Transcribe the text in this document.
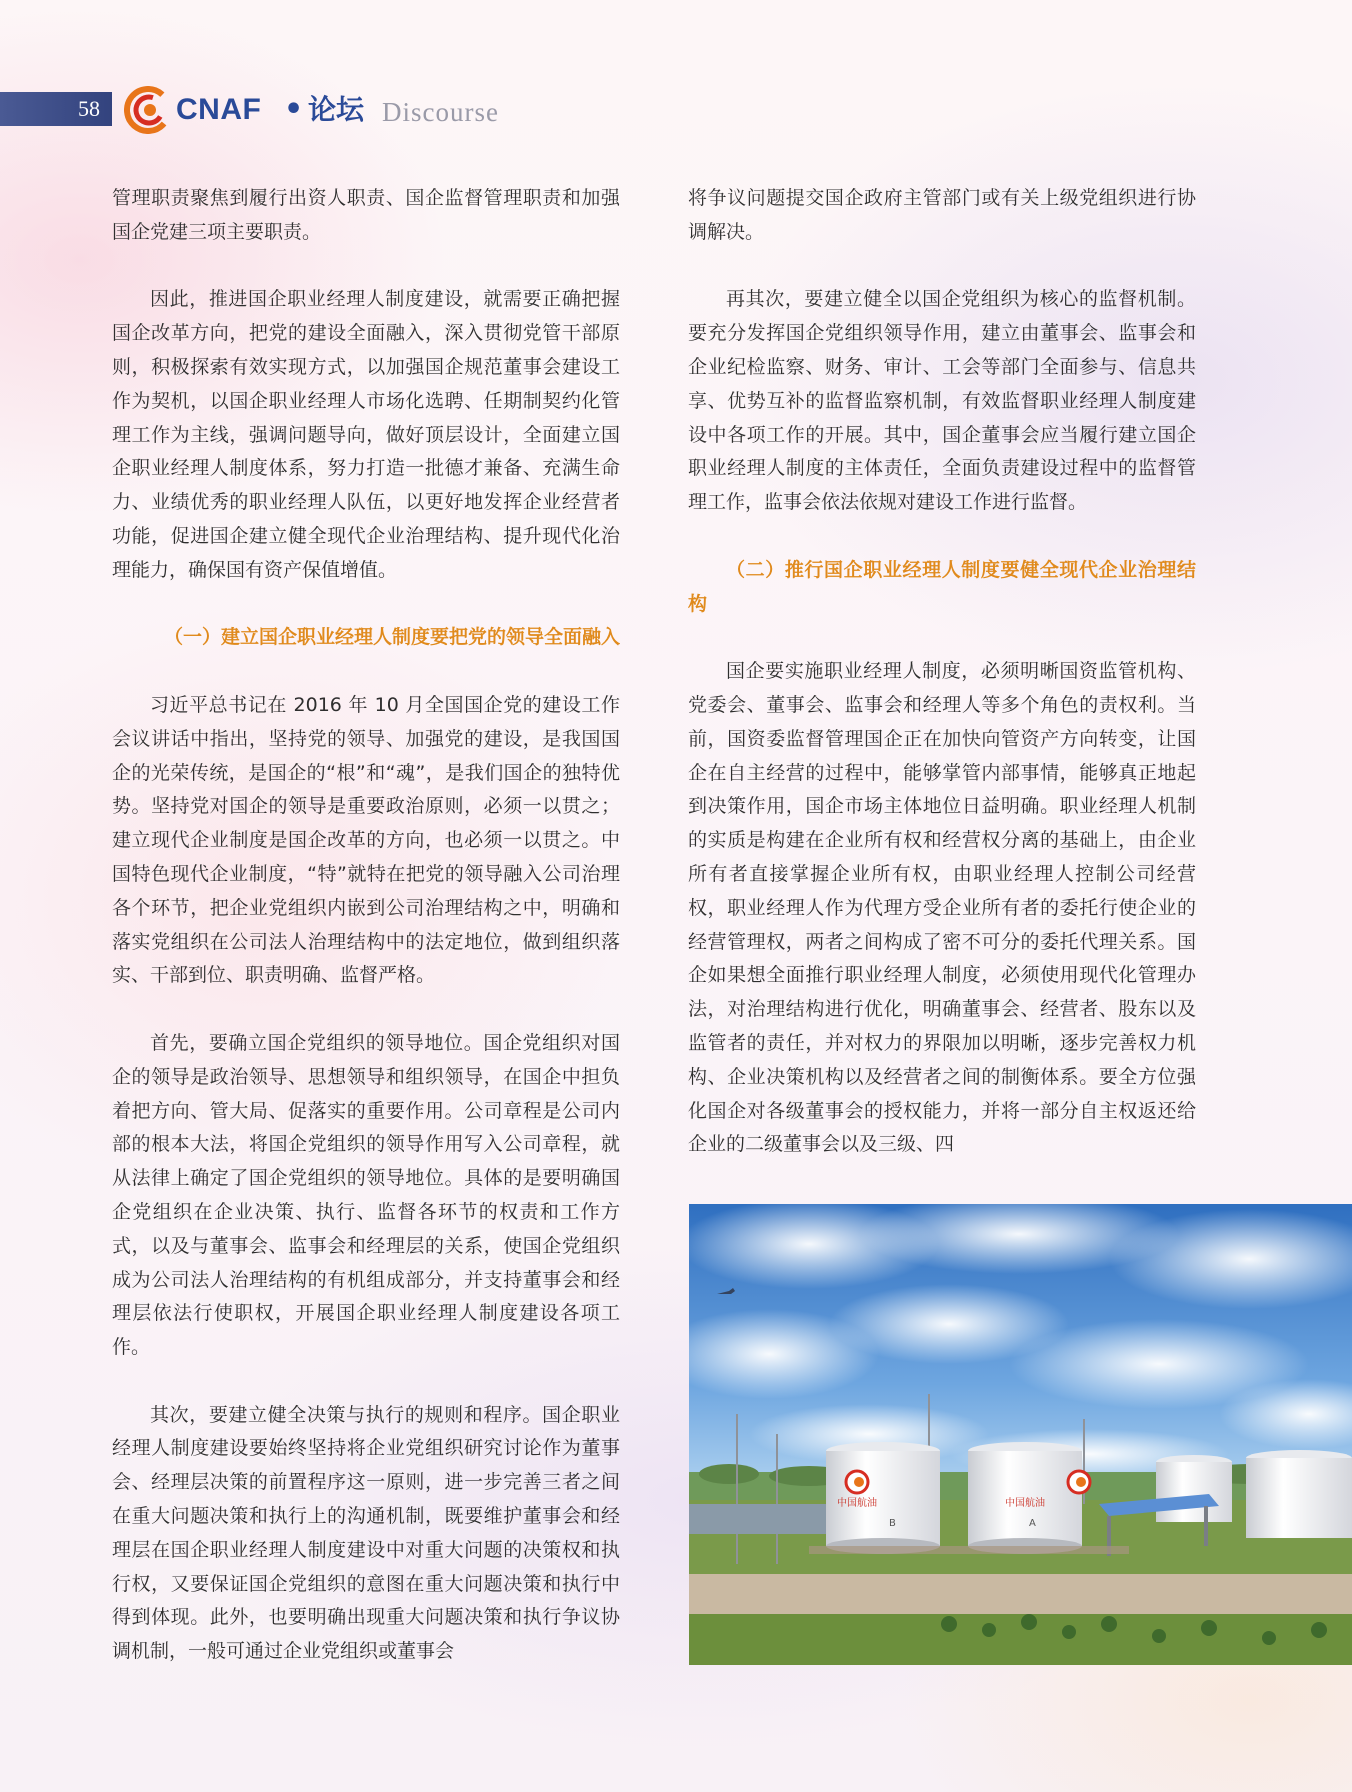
58	CNAF • 论坛 Discourse

管理职责聚焦到履行出资人职责、国企监督管理职责和加强国企党建三项主要职责。

因此，推进国企职业经理人制度建设，就需要正确把握国企改革方向，把党的建设全面融入，深入贯彻党管干部原则，积极探索有效实现方式，以加强国企规范董事会建设工作为契机，以国企职业经理人市场化选聘、任期制契约化管理工作为主线，强调问题导向，做好顶层设计，全面建立国企职业经理人制度体系，努力打造一批德才兼备、充满生命力、业绩优秀的职业经理人队伍，以更好地发挥企业经营者功能，促进国企建立健全现代企业治理结构、提升现代化治理能力，确保国有资产保值增值。

（一）建立国企职业经理人制度要把党的领导全面融入

习近平总书记在 2016 年 10 月全国国企党的建设工作会议讲话中指出，坚持党的领导、加强党的建设，是我国国企的光荣传统，是国企的“根”和“魂”，是我们国企的独特优势。坚持党对国企的领导是重要政治原则，必须一以贯之；建立现代企业制度是国企改革的方向，也必须一以贯之。中国特色现代企业制度，“特”就特在把党的领导融入公司治理各个环节，把企业党组织内嵌到公司治理结构之中，明确和落实党组织在公司法人治理结构中的法定地位，做到组织落实、干部到位、职责明确、监督严格。

首先，要确立国企党组织的领导地位。国企党组织对国企的领导是政治领导、思想领导和组织领导，在国企中担负着把方向、管大局、促落实的重要作用。公司章程是公司内部的根本大法，将国企党组织的领导作用写入公司章程，就从法律上确定了国企党组织的领导地位。具体的是要明确国企党组织在企业决策、执行、监督各环节的权责和工作方式，以及与董事会、监事会和经理层的关系，使国企党组织成为公司法人治理结构的有机组成部分，并支持董事会和经理层依法行使职权，开展国企职业经理人制度建设各项工作。

其次，要建立健全决策与执行的规则和程序。国企职业经理人制度建设要始终坚持将企业党组织研究讨论作为董事会、经理层决策的前置程序这一原则，进一步完善三者之间在重大问题决策和执行上的沟通机制，既要维护董事会和经理层在国企职业经理人制度建设中对重大问题的决策权和执行权，又要保证国企党组织的意图在重大问题决策和执行中得到体现。此外，也要明确出现重大问题决策和执行争议协调机制，一般可通过企业党组织或董事会

将争议问题提交国企政府主管部门或有关上级党组织进行协调解决。

再其次，要建立健全以国企党组织为核心的监督机制。要充分发挥国企党组织领导作用，建立由董事会、监事会和企业纪检监察、财务、审计、工会等部门全面参与、信息共享、优势互补的监督监察机制，有效监督职业经理人制度建设中各项工作的开展。其中，国企董事会应当履行建立国企职业经理人制度的主体责任，全面负责建设过程中的监督管理工作，监事会依法依规对建设工作进行监督。

（二）推行国企职业经理人制度要健全现代企业治理结构

国企要实施职业经理人制度，必须明晰国资监管机构、党委会、董事会、监事会和经理人等多个角色的责权利。当前，国资委监督管理国企正在加快向管资产方向转变，让国企在自主经营的过程中，能够掌管内部事情，能够真正地起到决策作用，国企市场主体地位日益明确。职业经理人机制的实质是构建在企业所有权和经营权分离的基础上，由企业所有者直接掌握企业所有权，由职业经理人控制公司经营权，职业经理人作为代理方受企业所有者的委托行使企业的经营管理权，两者之间构成了密不可分的委托代理关系。国企如果想全面推行职业经理人制度，必须使用现代化管理办法，对治理结构进行优化，明确董事会、经营者、股东以及监管者的责任，并对权力的界限加以明晰，逐步完善权力机构、企业决策机构以及经营者之间的制衡体系。要全方位强化国企对各级董事会的授权能力，并将一部分自主权返还给企业的二级董事会以及三级、四

中国航油
B
中国航油
A
